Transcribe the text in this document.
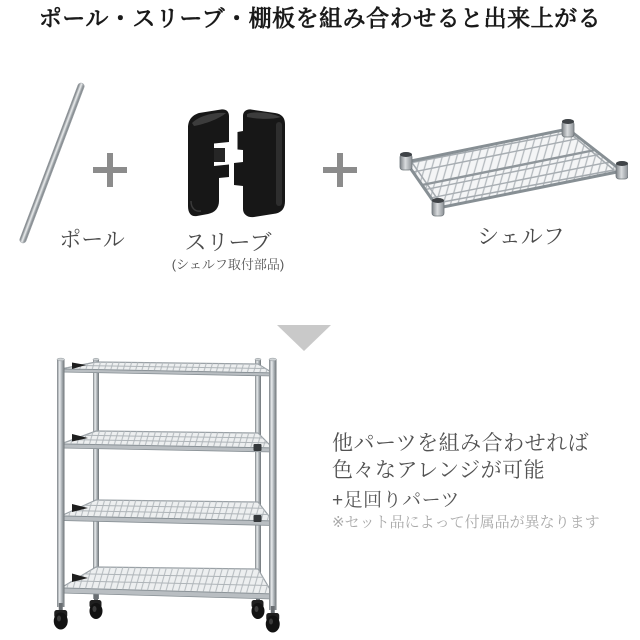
ポール・スリーブ・棚板を組み合わせると出来上がる
ポール	スリーブ
(シェルフ取付部品)
シェルフ
他パーツを組み合わせれば
色々なアレンジが可能
+足回りパーツ
※セット品によって付属品が異なります
